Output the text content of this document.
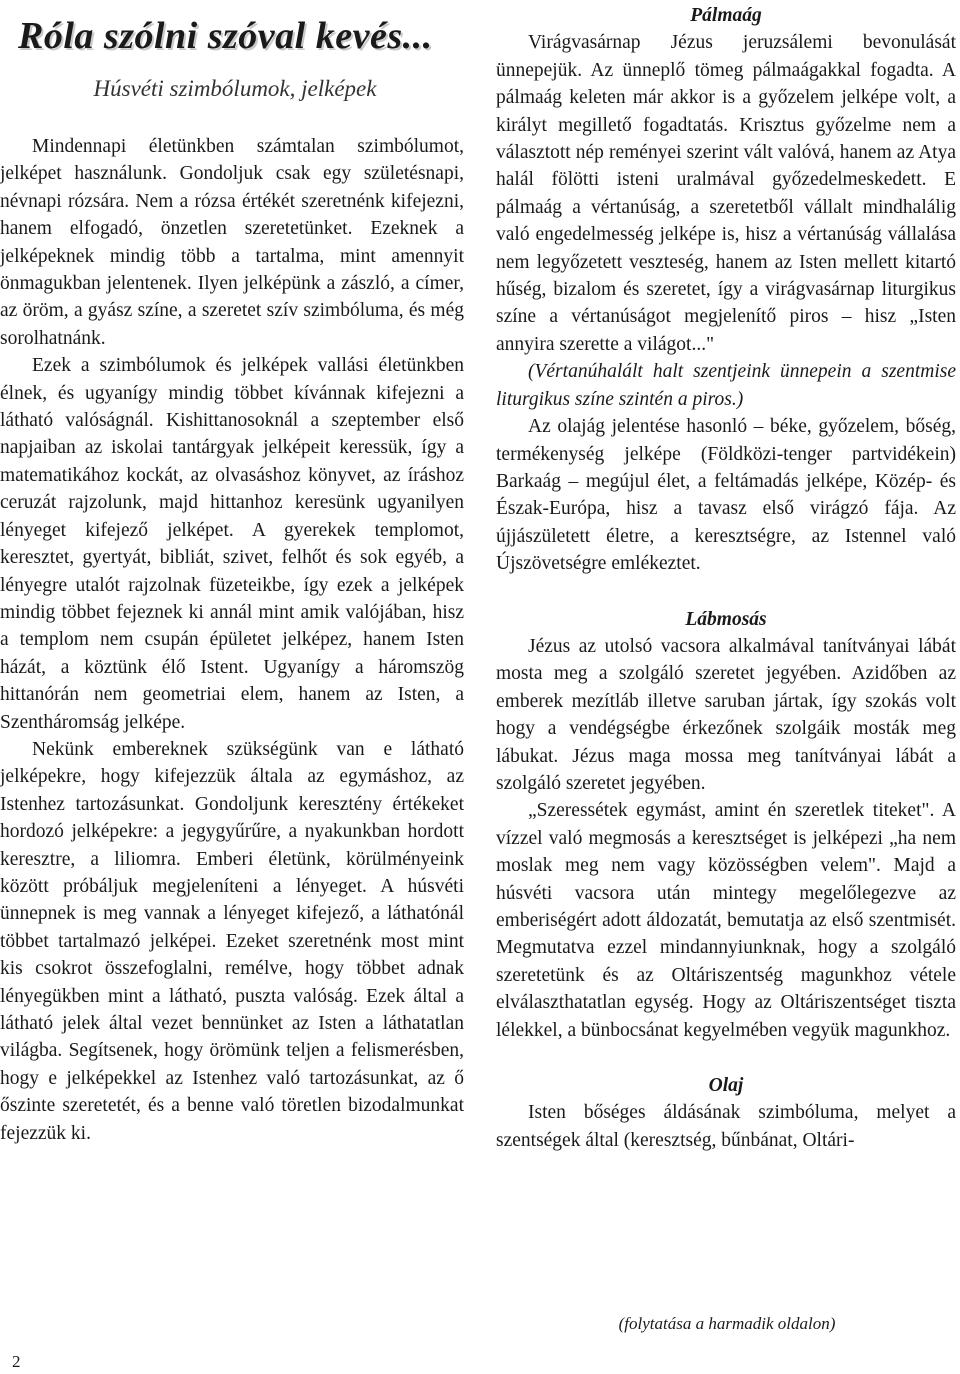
Róla szólni szóval kevés...
Húsvéti szimbólumok, jelképek

Mindennapi életünkben számtalan szimbólumot, jelképet használunk. Gondoljuk csak egy születésnapi, névnapi rózsára. Nem a rózsa értékét szeretnénk kifejezni, hanem elfogadó, önzetlen szeretetünket. Ezeknek a jelképeknek mindig több a tartalma, mint amennyit önmagukban jelentenek. Ilyen jelképünk a zászló, a címer, az öröm, a gyász színe, a szeretet szív szimbóluma, és még sorolhatnánk.

Ezek a szimbólumok és jelképek vallási életünkben élnek, és ugyanígy mindig többet kívánnak kifejezni a látható valóságnál. Kishittanosoknál a szeptember első napjaiban az iskolai tantárgyak jelképeit keressük, így a matematikához kockát, az olvasáshoz könyvet, az íráshoz ceruzát rajzolunk, majd hittanhoz keresünk ugyanilyen lényeget kifejező jelképet. A gyerekek templomot, keresztet, gyertyát, bibliát, szivet, felhőt és sok egyéb, a lényegre utalót rajzolnak füzeteikbe, így ezek a jelképek mindig többet fejeznek ki annál mint amik valójában, hisz a templom nem csupán épületet jelképez, hanem Isten házát, a köztünk élő Istent. Ugyanígy a háromszög hittanórán nem geometriai elem, hanem az Isten, a Szentháromság jelképe.

Nekünk embereknek szükségünk van e látható jelképekre, hogy kifejezzük általa az egymáshoz, az Istenhez tartozásunkat. Gondoljunk keresztény értékeket hordozó jelképekre: a jegygyűrűre, a nyakunkban hordott keresztre, a liliomra. Emberi életünk, körülményeink között próbáljuk megjeleníteni a lényeget. A húsvéti ünnepnek is meg vannak a lényeget kifejező, a láthatónál többet tartalmazó jelképei. Ezeket szeretnénk most mint kis csokrot összefoglalni, remélve, hogy többet adnak lényegükben mint a látható, puszta valóság. Ezek által a látható jelek által vezet bennünket az Isten a láthatatlan világba. Segítsenek, hogy örömünk teljen a felismerésben, hogy e jelképekkel az Istenhez való tartozásunkat, az ő őszinte szeretetét, és a benne való töretlen bizodalmunkat fejezzük ki.

Pálmaág

Virágvasárnap Jézus jeruzsálemi bevonulását ünnepejük. Az ünneplő tömeg pálmaágakkal fogadta. A pálmaág keleten már akkor is a győzelem jelképe volt, a királyt megillető fogadtatás. Krisztus győzelme nem a választott nép reményei szerint vált valóvá, hanem az Atya halál fölötti isteni uralmával győzedelmeskedett. E pálmaág a vértanúság, a szeretetből vállalt mindhalálig való engedelmesség jelképe is, hisz a vértanúság vállalása nem legyőzetett veszteség, hanem az Isten mellett kitartó hűség, bizalom és szeretet, így a virágvasárnap liturgikus színe a vértanúságot megjelenítő piros – hisz „Isten annyira szerette a világot..."

(Vértanúhalált halt szentjeink ünnepein a szentmise liturgikus színe szintén a piros.)

Az olajág jelentése hasonló – béke, győzelem, bőség, termékenység jelképe (Földközi-tenger partvidékein) Barkaág – megújul élet, a feltámadás jelképe, Közép- és Észak-Európa, hisz a tavasz első virágzó fája. Az újjászületett életre, a keresztségre, az Istennel való Újszövetségre emlékeztet.

Lábmosás

Jézus az utolsó vacsora alkalmával tanítványai lábát mosta meg a szolgáló szeretet jegyében. Azidőben az emberek mezítláb illetve saruban jártak, így szokás volt hogy a vendégségbe érkezőnek szolgáik mosták meg lábukat. Jézus maga mossa meg tanítványai lábát a szolgáló szeretet jegyében.

„Szeressétek egymást, amint én szeretlek titeket". A vízzel való megmosás a keresztséget is jelképezi „ha nem moslak meg nem vagy közösségben velem". Majd a húsvéti vacsora után mintegy megelőlegezve az emberiségért adott áldozatát, bemutatja az első szentmisét. Megmutatva ezzel mindannyiunknak, hogy a szolgáló szeretetünk és az Oltáriszentség magunkhoz vétele elválaszthatatlan egység. Hogy az Oltáriszentséget tiszta lélekkel, a bünbocsánat kegyelmében vegyük magunkhoz.

Olaj

Isten bőséges áldásának szimbóluma, melyet a szentségek által (keresztség, bűnbánat, Oltári-

(folytatása a harmadik oldalon)
2
